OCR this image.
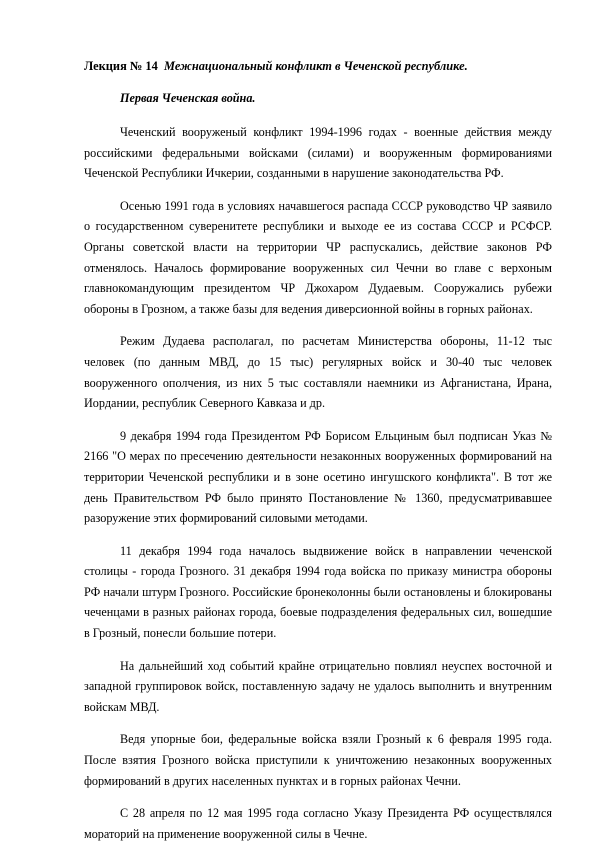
Лекция № 14 Межнациональный конфликт в Чеченской республике.

Первая Чеченская война.

Чеченский вооруженый конфликт 1994-1996 годах - военные действия между российскими федеральными войсками (силами) и вооруженным формированиями Чеченской Республики Ичкерии, созданными в нарушение законодательства РФ.

Осенью 1991 года в условиях начавшегося распада СССР руководство ЧР заявило о государственном суверенитете республики и выходе ее из состава СССР и РСФСР. Органы советской власти на территории ЧР распускались, действие законов РФ отменялось. Началось формирование вооруженных сил Чечни во главе с верхоным главнокомандующим президентом ЧР Джохаром Дудаевым. Сооружались рубежи обороны в Грозном, а также базы для ведения диверсионной войны в горных районах.

Режим Дудаева располагал, по расчетам Министерства обороны, 11-12 тыс человек (по данным МВД, до 15 тыс) регулярных войск и 30-40 тыс человек вооруженного ополчения, из них 5 тыс составляли наемники из Афганистана, Ирана, Иордании, республик Северного Кавказа и др.

9 декабря 1994 года Президентом РФ Борисом Ельциным был подписан Указ № 2166 "О мерах по пресечению деятельности незаконных вооруженных формирований на территории Чеченской республики и в зоне осетино ингушского конфликта". В тот же день Правительством РФ было принято Постановление № 1360, предусматривавшее разоружение этих формирований силовыми методами.

11 декабря 1994 года началось выдвижение войск в направлении чеченской столицы - города Грозного. 31 декабря 1994 года войска по приказу министра обороны РФ начали штурм Грозного. Российские бронеколонны были остановлены и блокированы чеченцами в разных районах города, боевые подразделения федеральных сил, вошедшие в Грозный, понесли большие потери.

На дальнейший ход событий крайне отрицательно повлиял неуспех восточной и западной группировок войск, поставленную задачу не удалось выполнить и внутренним войскам МВД.

Ведя упорные бои, федеральные войска взяли Грозный к 6 февраля 1995 года. После взятия Грозного войска приступили к уничтожению незаконных вооруженных формирований в других населенных пунктах и в горных районах Чечни.

С 28 апреля по 12 мая 1995 года согласно Указу Президента РФ осуществлялся мораторий на применение вооруженной силы в Чечне.
